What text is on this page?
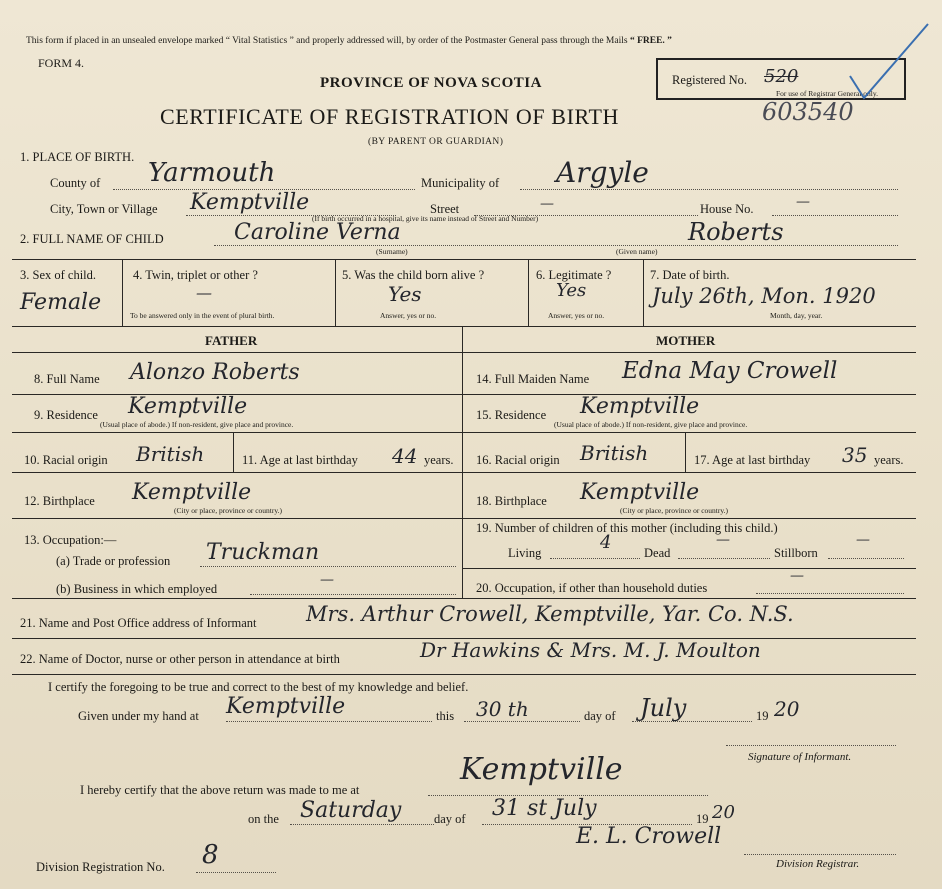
This form if placed in an unsealed envelope marked “ Vital Statistics ” and properly addressed will, by order of the Postmaster General pass through the Mails “ FREE. ”
FORM 4.
PROVINCE OF NOVA SCOTIA
CERTIFICATE OF REGISTRATION OF BIRTH
(BY PARENT OR GUARDIAN)
603540
Registered No. 520
For use of Registrar General only.
1. PLACE OF BIRTH.
County of Yarmouth	Municipality of Argyle
City, Town or Village Kemptville	Street	—	House No.	—
(If birth occurred in a hospital, give its name instead of Street and Number)
2. FULL NAME OF CHILD	Caroline Verna	Roberts
(Surname)	(Given name)
3. Sex of child.
Female
4. Twin, triplet or other ?
—
To be answered only in the event of plural birth.
5. Was the child born alive ?
Yes
Answer, yes or no.
6. Legitimate ?
Yes
Answer, yes or no.
7. Date of birth.
July 26th, Mon. 1920
Month, day, year.
FATHER	MOTHER
8. Full Name Alonzo Roberts
9. Residence Kemptville
(Usual place of abode.) If non-resident, give place and province.
10. Racial origin British	11. Age at last birthday 44 years.
12. Birthplace Kemptville
(City or place, province or country.)
13. Occupation:—
(a) Trade or profession Truckman
(b) Business in which employed
—
14. Full Maiden Name Edna May Crowell
15. Residence Kemptville
(Usual place of abode.) If non-resident, give place and province.
16. Racial origin British	17. Age at last birthday 35 years.
18. Birthplace Kemptville
(City or place, province or country.)
19. Number of children of this mother (including this child.)
Living	4	Dead
—
Stillborn
—
20. Occupation, if other than household duties
—
21. Name and Post Office address of Informant Mrs. Arthur Crowell, Kemptville, Yar. Co. N.S.
22. Name of Doctor, nurse or other person in attendance at birth	Dr Hawkins & Mrs. M. J. Moulton
I certify the foregoing to be true and correct to the best of my knowledge and belief.
Given under my hand at Kemptville	this 30 th	day of July	19 20
Signature of Informant.
I hereby certify that the above return was made to me at
Kemptville
on the Saturday	day of 31 st July	19 20
E. L. Crowell
Division Registration No. 8	Division Registrar.
